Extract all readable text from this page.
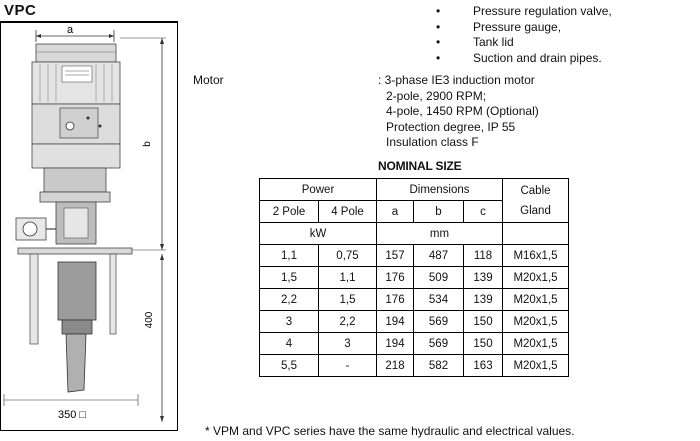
VPC
a
b
400
350 □
• Pressure regulation valve,
• Pressure gauge,
• Tank lid
• Suction and drain pipes.
Motor	: 3-phase IE3 induction motor
2-pole, 2900 RPM;
4-pole, 1450 RPM (Optional)
Protection degree, IP 55
Insulation class F
NOMINAL SIZE
Power		Dimensions			Cable
Gland
2 Pole	4 Pole	a	b	c	
kW		mm			
1,1	0,75	157	487	118	M16x1,5
1,5	1,1	176	509	139	M20x1,5
2,2	1,5	176	534	139	M20x1,5
3	2,2	194	569	150	M20x1,5
4	3	194	569	150	M20x1,5
5,5	-	218	582	163	M20x1,5
* VPM and VPC series have the same hydraulic and electrical values.
